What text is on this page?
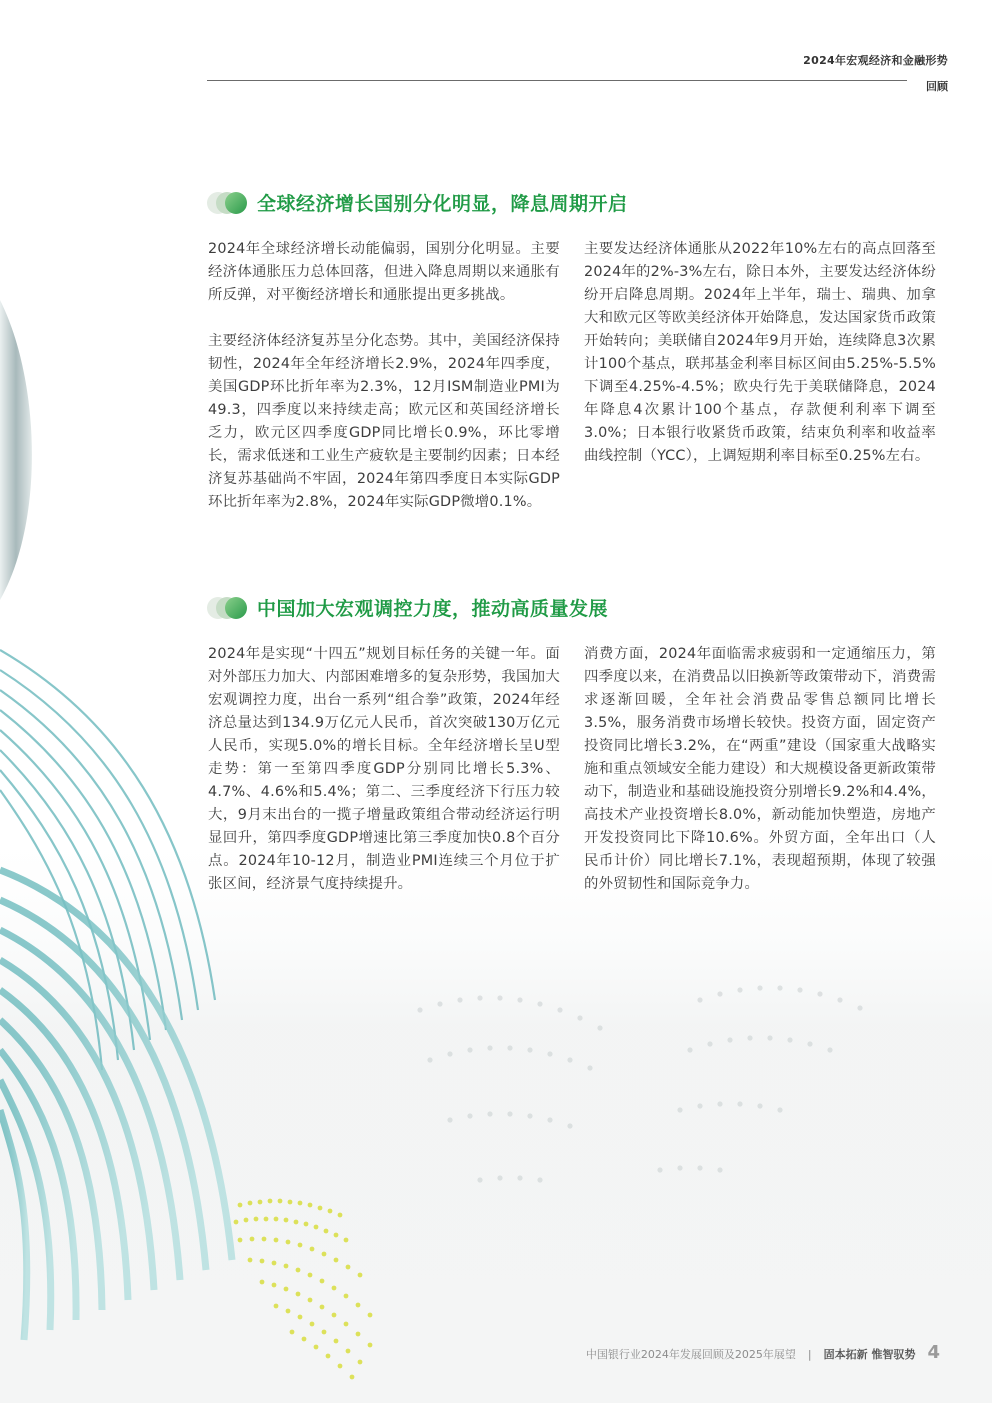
2024年宏观经济和金融形势
回顾
全球经济增长国别分化明显，降息周期开启

2024年全球经济增长动能偏弱，国别分化明显。主要经济体通胀压力总体回落，但进入降息周期以来通胀有所反弹，对平衡经济增长和通胀提出更多挑战。

主要经济体经济复苏呈分化态势。其中，美国经济保持韧性，2024年全年经济增长2.9%，2024年四季度，美国GDP环比折年率为2.3%，12月ISM制造业PMI为49.3，四季度以来持续走高；欧元区和英国经济增长乏力，欧元区四季度GDP同比增长0.9%，环比零增长，需求低迷和工业生产疲软是主要制约因素；日本经济复苏基础尚不牢固，2024年第四季度日本实际GDP环比折年率为2.8%，2024年实际GDP微增0.1%。

主要发达经济体通胀从2022年10%左右的高点回落至2024年的2%-3%左右，除日本外，主要发达经济体纷纷开启降息周期。2024年上半年，瑞士、瑞典、加拿大和欧元区等欧美经济体开始降息，发达国家货币政策开始转向；美联储自2024年9月开始，连续降息3次累计100个基点，联邦基金利率目标区间由5.25%-5.5%下调至4.25%-4.5%；欧央行先于美联储降息，2024年降息4次累计100个基点，存款便利利率下调至3.0%；日本银行收紧货币政策，结束负利率和收益率曲线控制（YCC），上调短期利率目标至0.25%左右。

中国加大宏观调控力度，推动高质量发展

2024年是实现“十四五”规划目标任务的关键一年。面对外部压力加大、内部困难增多的复杂形势，我国加大宏观调控力度，出台一系列“组合拳”政策，2024年经济总量达到134.9万亿元人民币，首次突破130万亿元人民币，实现5.0%的增长目标。全年经济增长呈U型走势：第一至第四季度GDP分别同比增长5.3%、4.7%、4.6%和5.4%；第二、三季度经济下行压力较大，9月末出台的一揽子增量政策组合带动经济运行明显回升，第四季度GDP增速比第三季度加快0.8个百分点。2024年10-12月，制造业PMI连续三个月位于扩张区间，经济景气度持续提升。

消费方面，2024年面临需求疲弱和一定通缩压力，第四季度以来，在消费品以旧换新等政策带动下，消费需求逐渐回暖，全年社会消费品零售总额同比增长3.5%，服务消费市场增长较快。投资方面，固定资产投资同比增长3.2%，在“两重”建设（国家重大战略实施和重点领域安全能力建设）和大规模设备更新政策带动下，制造业和基础设施投资分别增长9.2%和4.4%，高技术产业投资增长8.0%，新动能加快塑造，房地产开发投资同比下降10.6%。外贸方面，全年出口（人民币计价）同比增长7.1%，表现超预期，体现了较强的外贸韧性和国际竞争力。

中国银行业2024年发展回顾及2025年展望 | 固本拓新 惟智驭势 4
